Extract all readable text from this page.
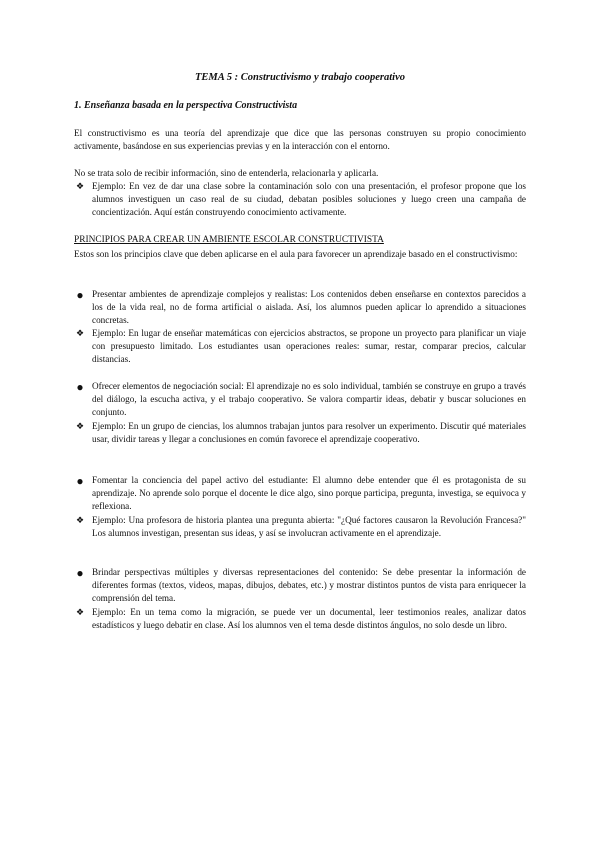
TEMA 5 : Constructivismo y trabajo cooperativo
1. Enseñanza basada en la perspectiva Constructivista
El constructivismo es una teoría del aprendizaje que dice que las personas construyen su propio conocimiento activamente, basándose en sus experiencias previas y en la interacción con el entorno.
No se trata solo de recibir información, sino de entenderla, relacionarla y aplicarla.
❖ Ejemplo: En vez de dar una clase sobre la contaminación solo con una presentación, el profesor propone que los alumnos investiguen un caso real de su ciudad, debatan posibles soluciones y luego creen una campaña de concientización. Aquí están construyendo conocimiento activamente.
PRINCIPIOS PARA CREAR UN AMBIENTE ESCOLAR CONSTRUCTIVISTA
Estos son los principios clave que deben aplicarse en el aula para favorecer un aprendizaje basado en el constructivismo:
● Presentar ambientes de aprendizaje complejos y realistas: Los contenidos deben enseñarse en contextos parecidos a los de la vida real, no de forma artificial o aislada. Así, los alumnos pueden aplicar lo aprendido a situaciones concretas.
❖ Ejemplo: En lugar de enseñar matemáticas con ejercicios abstractos, se propone un proyecto para planificar un viaje con presupuesto limitado. Los estudiantes usan operaciones reales: sumar, restar, comparar precios, calcular distancias.
● Ofrecer elementos de negociación social: El aprendizaje no es solo individual, también se construye en grupo a través del diálogo, la escucha activa, y el trabajo cooperativo. Se valora compartir ideas, debatir y buscar soluciones en conjunto.
❖ Ejemplo: En un grupo de ciencias, los alumnos trabajan juntos para resolver un experimento. Discutir qué materiales usar, dividir tareas y llegar a conclusiones en común favorece el aprendizaje cooperativo.
● Fomentar la conciencia del papel activo del estudiante: El alumno debe entender que él es protagonista de su aprendizaje. No aprende solo porque el docente le dice algo, sino porque participa, pregunta, investiga, se equivoca y reflexiona.
❖ Ejemplo: Una profesora de historia plantea una pregunta abierta: "¿Qué factores causaron la Revolución Francesa?" Los alumnos investigan, presentan sus ideas, y así se involucran activamente en el aprendizaje.
● Brindar perspectivas múltiples y diversas representaciones del contenido: Se debe presentar la información de diferentes formas (textos, videos, mapas, dibujos, debates, etc.) y mostrar distintos puntos de vista para enriquecer la comprensión del tema.
❖ Ejemplo: En un tema como la migración, se puede ver un documental, leer testimonios reales, analizar datos estadísticos y luego debatir en clase. Así los alumnos ven el tema desde distintos ángulos, no solo desde un libro.
